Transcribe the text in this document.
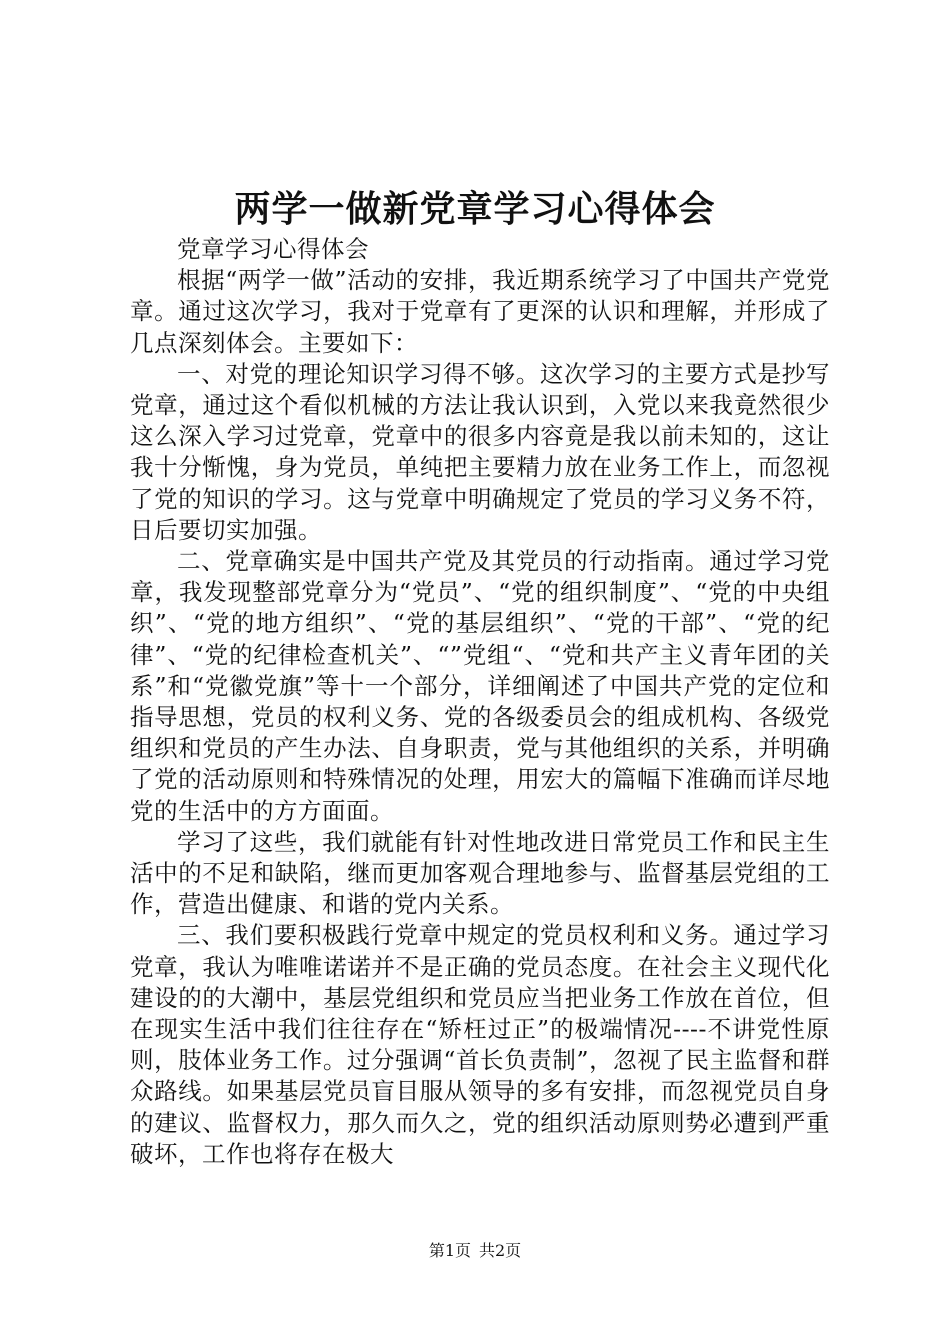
两学一做新党章学习心得体会

党章学习心得体会

根据“两学一做”活动的安排，我近期系统学习了中国共产党党章。通过这次学习，我对于党章有了更深的认识和理解，并形成了几点深刻体会。主要如下：

一、对党的理论知识学习得不够。这次学习的主要方式是抄写党章，通过这个看似机械的方法让我认识到，入党以来我竟然很少这么深入学习过党章，党章中的很多内容竟是我以前未知的，这让我十分惭愧，身为党员，单纯把主要精力放在业务工作上，而忽视了党的知识的学习。这与党章中明确规定了党员的学习义务不符，日后要切实加强。

二、党章确实是中国共产党及其党员的行动指南。通过学习党章，我发现整部党章分为“党员”、“党的组织制度”、“党的中央组织”、“党的地方组织”、“党的基层组织”、“党的干部”、“党的纪律”、“党的纪律检查机关”、“”党组“、“党和共产主义青年团的关系”和“党徽党旗”等十一个部分，详细阐述了中国共产党的定位和指导思想，党员的权利义务、党的各级委员会的组成机构、各级党组织和党员的产生办法、自身职责，党与其他组织的关系，并明确了党的活动原则和特殊情况的处理，用宏大的篇幅下准确而详尽地党的生活中的方方面面。

学习了这些，我们就能有针对性地改进日常党员工作和民主生活中的不足和缺陷，继而更加客观合理地参与、监督基层党组的工作，营造出健康、和谐的党内关系。

三、我们要积极践行党章中规定的党员权利和义务。通过学习党章，我认为唯唯诺诺并不是正确的党员态度。在社会主义现代化建设的的大潮中，基层党组织和党员应当把业务工作放在首位，但在现实生活中我们往往存在“矫枉过正”的极端情况----不讲党性原则，肢体业务工作。过分强调“首长负责制”，忽视了民主监督和群众路线。如果基层党员盲目服从领导的多有安排，而忽视党员自身的建议、监督权力，那久而久之，党的组织活动原则势必遭到严重破坏，工作也将存在极大

第1页 共2页
